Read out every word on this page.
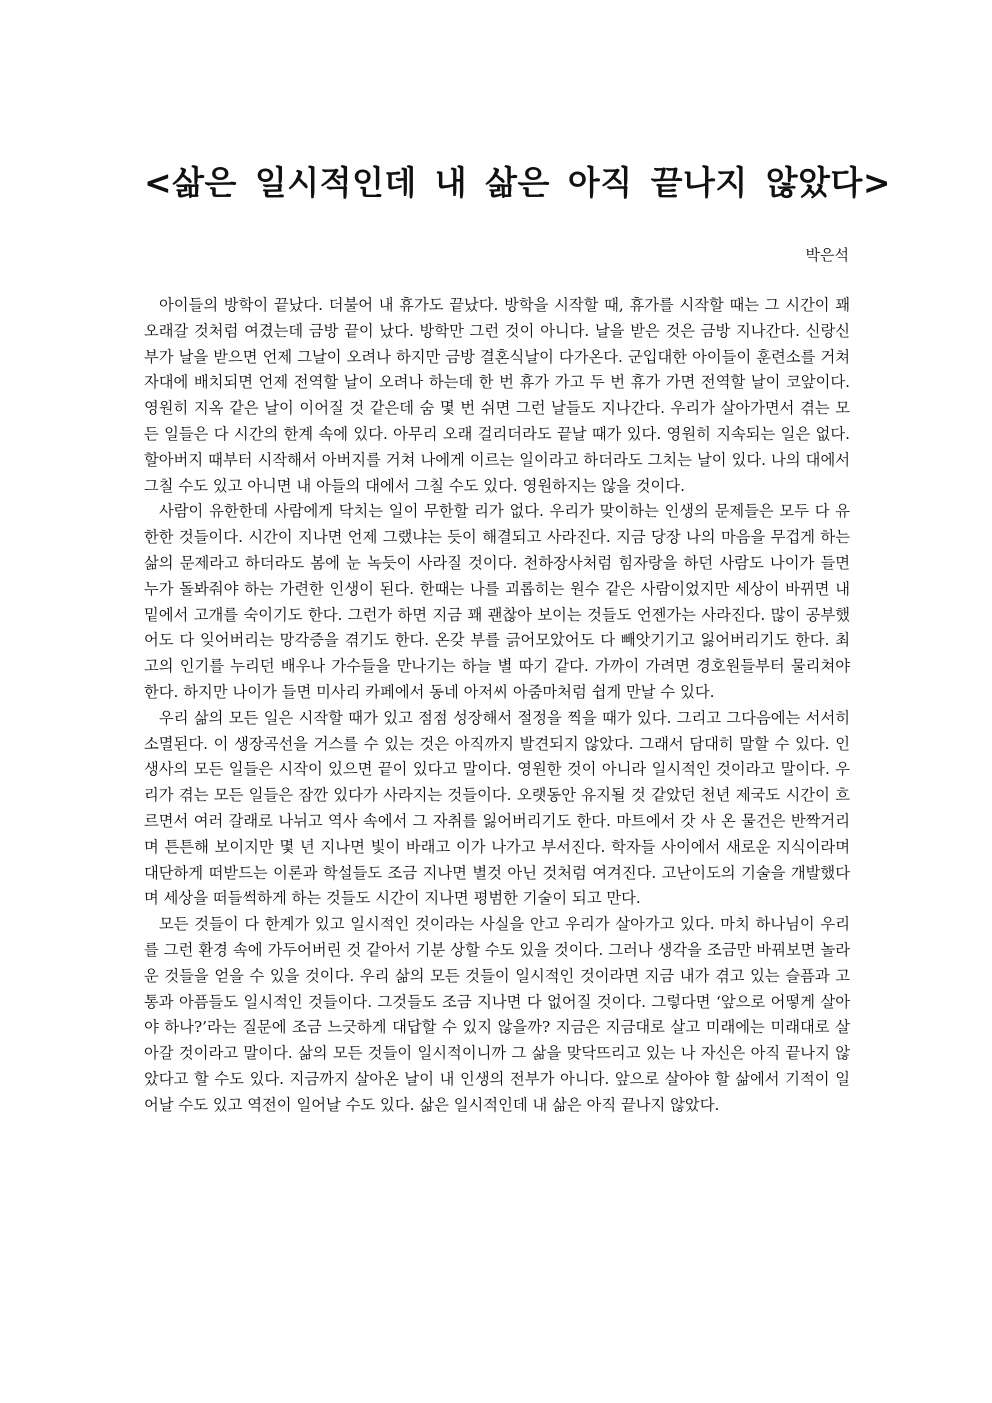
<삶은 일시적인데 내 삶은 아직 끝나지 않았다>

박은석

아이들의 방학이 끝났다. 더불어 내 휴가도 끝났다. 방학을 시작할 때, 휴가를 시작할 때는 그 시간이 꽤 오래갈 것처럼 여겼는데 금방 끝이 났다. 방학만 그런 것이 아니다. 날을 받은 것은 금방 지나간다. 신랑신부가 날을 받으면 언제 그날이 오려나 하지만 금방 결혼식날이 다가온다. 군입대한 아이들이 훈련소를 거쳐 자대에 배치되면 언제 전역할 날이 오려나 하는데 한 번 휴가 가고 두 번 휴가 가면 전역할 날이 코앞이다. 영원히 지옥 같은 날이 이어질 것 같은데 숨 몇 번 쉬면 그런 날들도 지나간다. 우리가 살아가면서 겪는 모든 일들은 다 시간의 한계 속에 있다. 아무리 오래 걸리더라도 끝날 때가 있다. 영원히 지속되는 일은 없다. 할아버지 때부터 시작해서 아버지를 거쳐 나에게 이르는 일이라고 하더라도 그치는 날이 있다. 나의 대에서 그칠 수도 있고 아니면 내 아들의 대에서 그칠 수도 있다. 영원하지는 않을 것이다.

사람이 유한한데 사람에게 닥치는 일이 무한할 리가 없다. 우리가 맞이하는 인생의 문제들은 모두 다 유한한 것들이다. 시간이 지나면 언제 그랬냐는 듯이 해결되고 사라진다. 지금 당장 나의 마음을 무겁게 하는 삶의 문제라고 하더라도 봄에 눈 녹듯이 사라질 것이다. 천하장사처럼 힘자랑을 하던 사람도 나이가 들면 누가 돌봐줘야 하는 가련한 인생이 된다. 한때는 나를 괴롭히는 원수 같은 사람이었지만 세상이 바뀌면 내 밑에서 고개를 숙이기도 한다. 그런가 하면 지금 꽤 괜찮아 보이는 것들도 언젠가는 사라진다. 많이 공부했어도 다 잊어버리는 망각증을 겪기도 한다. 온갖 부를 긁어모았어도 다 빼앗기기고 잃어버리기도 한다. 최고의 인기를 누리던 배우나 가수들을 만나기는 하늘 별 따기 같다. 가까이 가려면 경호원들부터 물리쳐야 한다. 하지만 나이가 들면 미사리 카페에서 동네 아저씨 아줌마처럼 쉽게 만날 수 있다.

우리 삶의 모든 일은 시작할 때가 있고 점점 성장해서 절정을 찍을 때가 있다. 그리고 그다음에는 서서히 소멸된다. 이 생장곡선을 거스를 수 있는 것은 아직까지 발견되지 않았다. 그래서 담대히 말할 수 있다. 인생사의 모든 일들은 시작이 있으면 끝이 있다고 말이다. 영원한 것이 아니라 일시적인 것이라고 말이다. 우리가 겪는 모든 일들은 잠깐 있다가 사라지는 것들이다. 오랫동안 유지될 것 같았던 천년 제국도 시간이 흐르면서 여러 갈래로 나뉘고 역사 속에서 그 자취를 잃어버리기도 한다. 마트에서 갓 사 온 물건은 반짝거리며 튼튼해 보이지만 몇 년 지나면 빛이 바래고 이가 나가고 부서진다. 학자들 사이에서 새로운 지식이라며 대단하게 떠받드는 이론과 학설들도 조금 지나면 별것 아닌 것처럼 여겨진다. 고난이도의 기술을 개발했다며 세상을 떠들썩하게 하는 것들도 시간이 지나면 평범한 기술이 되고 만다.

모든 것들이 다 한계가 있고 일시적인 것이라는 사실을 안고 우리가 살아가고 있다. 마치 하나님이 우리를 그런 환경 속에 가두어버린 것 같아서 기분 상할 수도 있을 것이다. 그러나 생각을 조금만 바꿔보면 놀라운 것들을 얻을 수 있을 것이다. 우리 삶의 모든 것들이 일시적인 것이라면 지금 내가 겪고 있는 슬픔과 고통과 아픔들도 일시적인 것들이다. 그것들도 조금 지나면 다 없어질 것이다. 그렇다면 ‘앞으로 어떻게 살아야 하나?’라는 질문에 조금 느긋하게 대답할 수 있지 않을까? 지금은 지금대로 살고 미래에는 미래대로 살아갈 것이라고 말이다. 삶의 모든 것들이 일시적이니까 그 삶을 맞닥뜨리고 있는 나 자신은 아직 끝나지 않았다고 할 수도 있다. 지금까지 살아온 날이 내 인생의 전부가 아니다. 앞으로 살아야 할 삶에서 기적이 일어날 수도 있고 역전이 일어날 수도 있다. 삶은 일시적인데 내 삶은 아직 끝나지 않았다.
